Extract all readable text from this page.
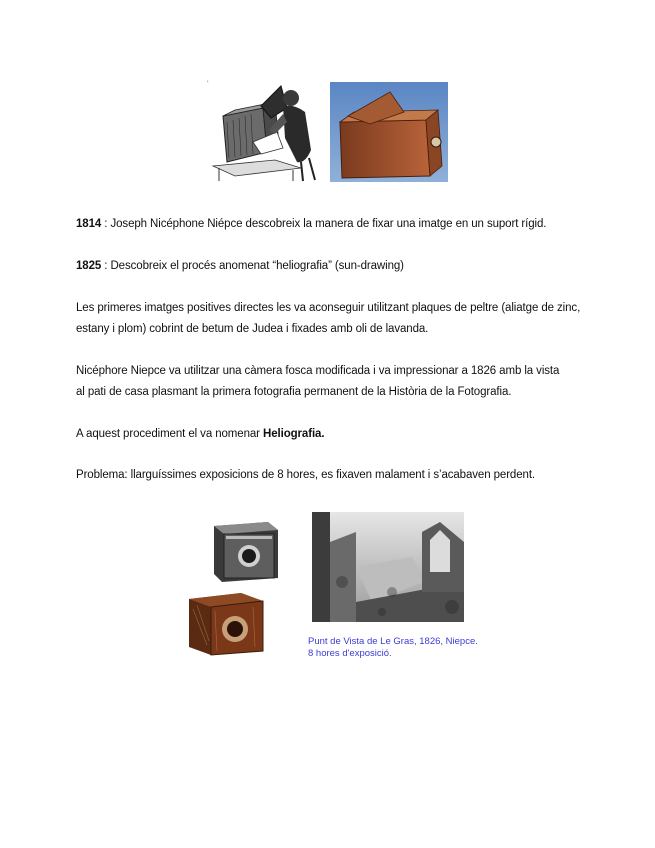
'
1814 : Joseph Nicéphone Niépce descobreix la manera de fixar una imatge en un suport rígid.
1825 : Descobreix el procés anomenat “heliografia” (sun-drawing)
Les primeres imatges positives directes les va aconseguir utilitzant plaques de peltre (aliatge de zinc, estany i plom) cobrint de betum de Judea i fixades amb oli de lavanda.
Nicéphore Niepce va utilitzar una càmera fosca modificada i va impressionar a 1826 amb la vista al pati de casa plasmant la primera fotografia permanent de la Història de la Fotografia.
A aquest procediment el va nomenar Heliografia.
Problema: llarguíssimes exposicions de 8 hores, es fixaven malament i s’acabaven perdent.
Punt de Vista de Le Gras, 1826, Niepce.
8 hores d'exposició.
